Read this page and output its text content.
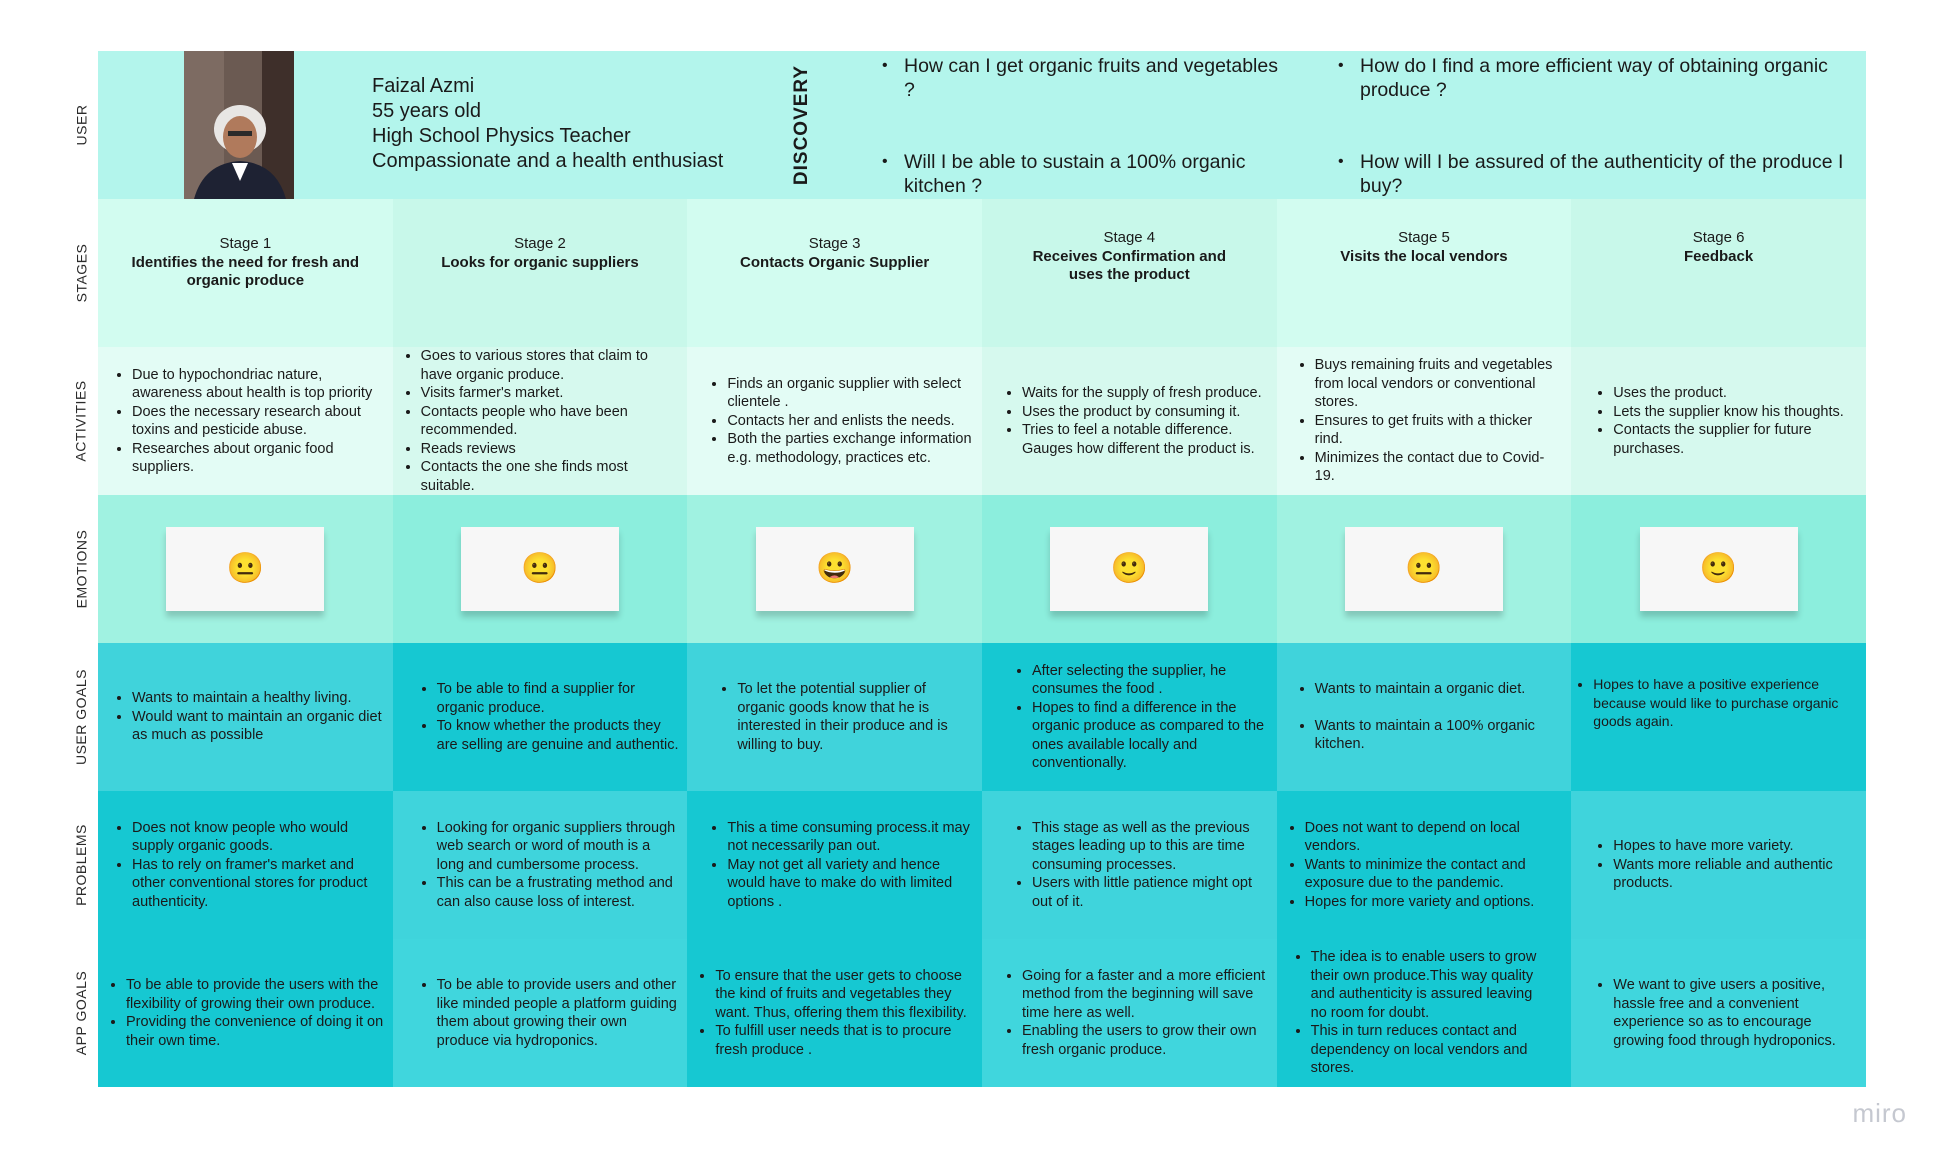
USER
STAGES
ACTIVITIES
EMOTIONS
USER GOALS
PROBLEMS
APP GOALS
Faizal Azmi
55 years old
High School Physics Teacher
Compassionate and a health enthusiast	DISCOVERY
•	How can I get organic fruits and vegetables ?
• Will I be able to sustain a 100% organic kitchen ?
• How do I find a more efficient way of obtaining organic produce ?
• How will I be assured of the authenticity of the produce I buy?
Stage 1
Identifies the need for fresh and organic produce
Stage 2
Looks for organic suppliers
Stage 3
Contacts Organic Supplier
Stage 4
Receives Confirmation and uses the product
Stage 5
Visits the local vendors
Stage 6
Feedback
• Due to hypochondriac nature, awareness about health is top priority
• Does the necessary research about toxins and pesticide abuse.
• Researches about organic food suppliers.
• Goes to various stores that claim to have organic produce.
• Visits farmer's market.
• Contacts people who have been recommended.
• Reads reviews
• Contacts the one she finds most suitable.
• Finds an organic supplier with select clientele .
• Contacts her and enlists the needs.
• Both the parties exchange information e.g. methodology, practices etc.
• Waits for the supply of fresh produce.
• Uses the product by consuming it.
• Tries to feel a notable difference. Gauges how different the product is.
• Buys remaining fruits and vegetables from local vendors or conventional stores.
• Ensures to get fruits with a thicker rind.
• Minimizes the contact due to Covid-19.
• Uses the product.
• Lets the supplier know his thoughts.
• Contacts the supplier for future purchases.
😐	😐	😀	🙂	😐	🙂
• Wants to maintain a healthy living.
• Would want to maintain an organic diet as much as possible
• To be able to find a supplier for organic produce.
• To know whether the products they are selling are genuine and authentic.
• To let the potential supplier of organic goods know that he is interested in their produce and is willing to buy.
• After selecting the supplier, he consumes the food .
• Hopes to find a difference in the organic produce as compared to the ones available locally and conventionally.
• Wants to maintain a organic diet.
• Wants to maintain a 100% organic kitchen.
• Hopes to have a positive experience because would like to purchase organic goods again.
• Does not know people who would supply organic goods.
• Has to rely on framer's market and other conventional stores for product authenticity.
• Looking for organic suppliers through web search or word of mouth is a long and cumbersome process.
• This can be a frustrating method and can also cause loss of interest.
• This a time consuming process.it may not necessarily pan out.
• May not get all variety and hence would have to make do with limited options .
• This stage as well as the previous stages leading up to this are time consuming processes.
• Users with little patience might opt out of it.
• Does not want to depend on local vendors.
• Wants to minimize the contact and exposure due to the pandemic.
• Hopes for more variety and options.
• Hopes to have more variety.
• Wants more reliable and authentic products.
• To be able to provide the users with the flexibility of growing their own produce.
• Providing the convenience of doing it on their own time.
• To be able to provide users and other like minded people a platform guiding them about growing their own produce via hydroponics.
• To ensure that the user gets to choose the kind of fruits and vegetables they want. Thus, offering them this flexibility.
• To fulfill user needs that is to procure fresh produce .
• Going for a faster and a more efficient method from the beginning will save time here as well.
• Enabling the users to grow their own fresh organic produce.
• The idea is to enable users to grow their own produce.This way quality and authenticity is assured leaving no room for doubt.
• This in turn reduces contact and dependency on local vendors and stores.
• We want to give users a positive, hassle free and a convenient experience so as to encourage growing food through hydroponics.
miro
